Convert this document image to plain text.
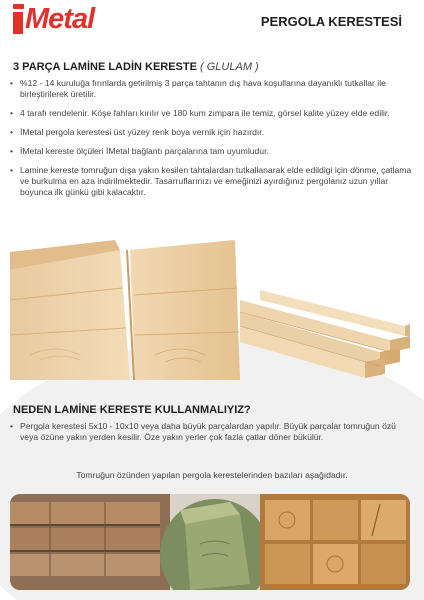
Metal	PERGOLA KERESTESİ
3 PARÇA LAMİNE LADİN KERESTE ( GLULAM )
• %12 - 14 kuruluğa fırınlarda getirilmiş 3 parça tahtanın dış hava koşullarına dayanıklı tutkallar ile birleştirilerek üretilir.
• 4 tarafı rendelenir. Köşe fahları kırılır ve 180 kum zımpara ile temiz, görsel kalite yüzey elde edilir.
• İMetal pergola kerestesi üst yüzey renk boya vernik için hazırdır.
• İMetal kereste ölçüleri İMetal bağlantı parçalarına tam uyumludur.
• Lamine kereste tomruğun dışa yakın kesilen tahtalardan tutkallanarak elde edildigi için dönme, çatlama ve burkulma en aza indirilmektedir. Tasarruflarınızı ve emeğinizi ayırdığınız pergolanız uzun yıllar boyunca ilk günkü gibi kalacaktır.
NEDEN LAMİNE KERESTE KULLANMALIYIZ?
• Pergola kerestesi 5x10 - 10x10 veya daha büyük parçalardan yapılır. Büyük parçalar tomruğun özü veya özüne yakın yerden kesilir. Öze yakın yerler çok fazla çatlar döner bükülür.
Tomruğun özünden yapılan pergola kerestelerinden bazıları aşağıdadır.
